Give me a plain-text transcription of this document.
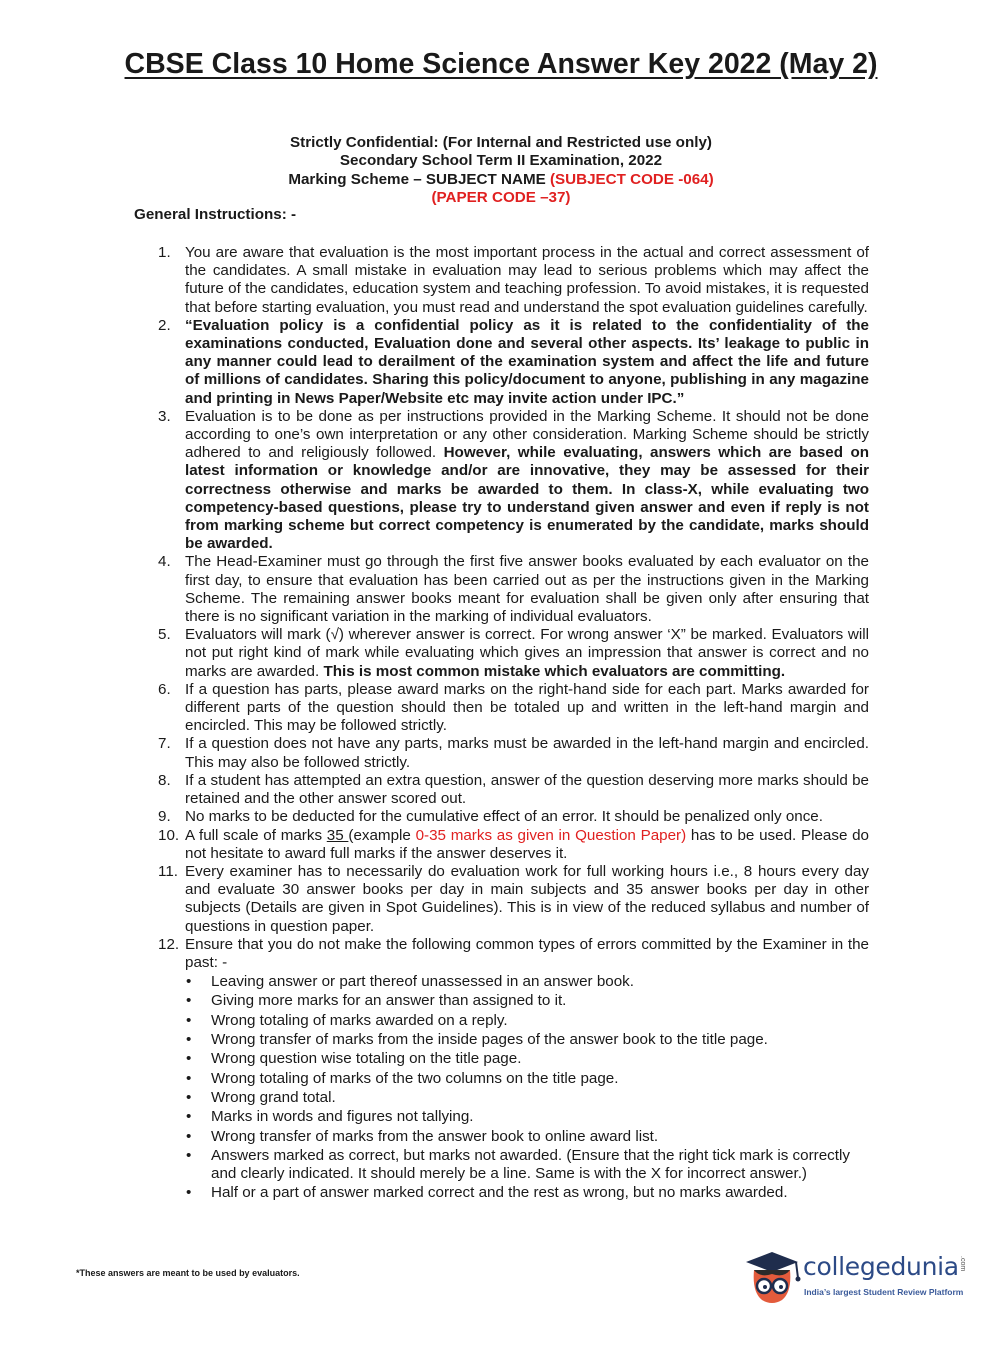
CBSE Class 10 Home Science Answer Key 2022 (May 2)
Strictly Confidential: (For Internal and Restricted use only)
Secondary School Term II Examination, 2022
Marking Scheme – SUBJECT NAME (SUBJECT CODE -064)
(PAPER CODE –37)
General Instructions: -
1. You are aware that evaluation is the most important process in the actual and correct assessment of the candidates. A small mistake in evaluation may lead to serious problems which may affect the future of the candidates, education system and teaching profession. To avoid mistakes, it is requested that before starting evaluation, you must read and understand the spot evaluation guidelines carefully.
2. “Evaluation policy is a confidential policy as it is related to the confidentiality of the examinations conducted, Evaluation done and several other aspects. Its’ leakage to public in any manner could lead to derailment of the examination system and affect the life and future of millions of candidates. Sharing this policy/document to anyone, publishing in any magazine and printing in News Paper/Website etc may invite action under IPC.”
3. Evaluation is to be done as per instructions provided in the Marking Scheme. It should not be done according to one’s own interpretation or any other consideration. Marking Scheme should be strictly adhered to and religiously followed. However, while evaluating, answers which are based on latest information or knowledge and/or are innovative, they may be assessed for their correctness otherwise and marks be awarded to them. In class-X, while evaluating two competency-based questions, please try to understand given answer and even if reply is not from marking scheme but correct competency is enumerated by the candidate, marks should be awarded.
4. The Head-Examiner must go through the first five answer books evaluated by each evaluator on the first day, to ensure that evaluation has been carried out as per the instructions given in the Marking Scheme. The remaining answer books meant for evaluation shall be given only after ensuring that there is no significant variation in the marking of individual evaluators.
5. Evaluators will mark (√) wherever answer is correct. For wrong answer ‘X” be marked. Evaluators will not put right kind of mark while evaluating which gives an impression that answer is correct and no marks are awarded. This is most common mistake which evaluators are committing.
6. If a question has parts, please award marks on the right-hand side for each part. Marks awarded for different parts of the question should then be totaled up and written in the left-hand margin and encircled. This may be followed strictly.
7. If a question does not have any parts, marks must be awarded in the left-hand margin and encircled. This may also be followed strictly.
8. If a student has attempted an extra question, answer of the question deserving more marks should be retained and the other answer scored out.
9. No marks to be deducted for the cumulative effect of an error. It should be penalized only once.
10. A full scale of marks 35 (example 0-35 marks as given in Question Paper) has to be used. Please do not hesitate to award full marks if the answer deserves it.
11. Every examiner has to necessarily do evaluation work for full working hours i.e., 8 hours every day and evaluate 30 answer books per day in main subjects and 35 answer books per day in other subjects (Details are given in Spot Guidelines). This is in view of the reduced syllabus and number of questions in question paper.
12. Ensure that you do not make the following common types of errors committed by the Examiner in the past: -
• Leaving answer or part thereof unassessed in an answer book.
• Giving more marks for an answer than assigned to it.
• Wrong totaling of marks awarded on a reply.
• Wrong transfer of marks from the inside pages of the answer book to the title page.
• Wrong question wise totaling on the title page.
• Wrong totaling of marks of the two columns on the title page.
• Wrong grand total.
• Marks in words and figures not tallying.
• Wrong transfer of marks from the answer book to online award list.
• Answers marked as correct, but marks not awarded. (Ensure that the right tick mark is correctly and clearly indicated. It should merely be a line. Same is with the X for incorrect answer.)
• Half or a part of answer marked correct and the rest as wrong, but no marks awarded.
*These answers are meant to be used by evaluators.	collegedunia .com
India’s largest Student Review Platform
